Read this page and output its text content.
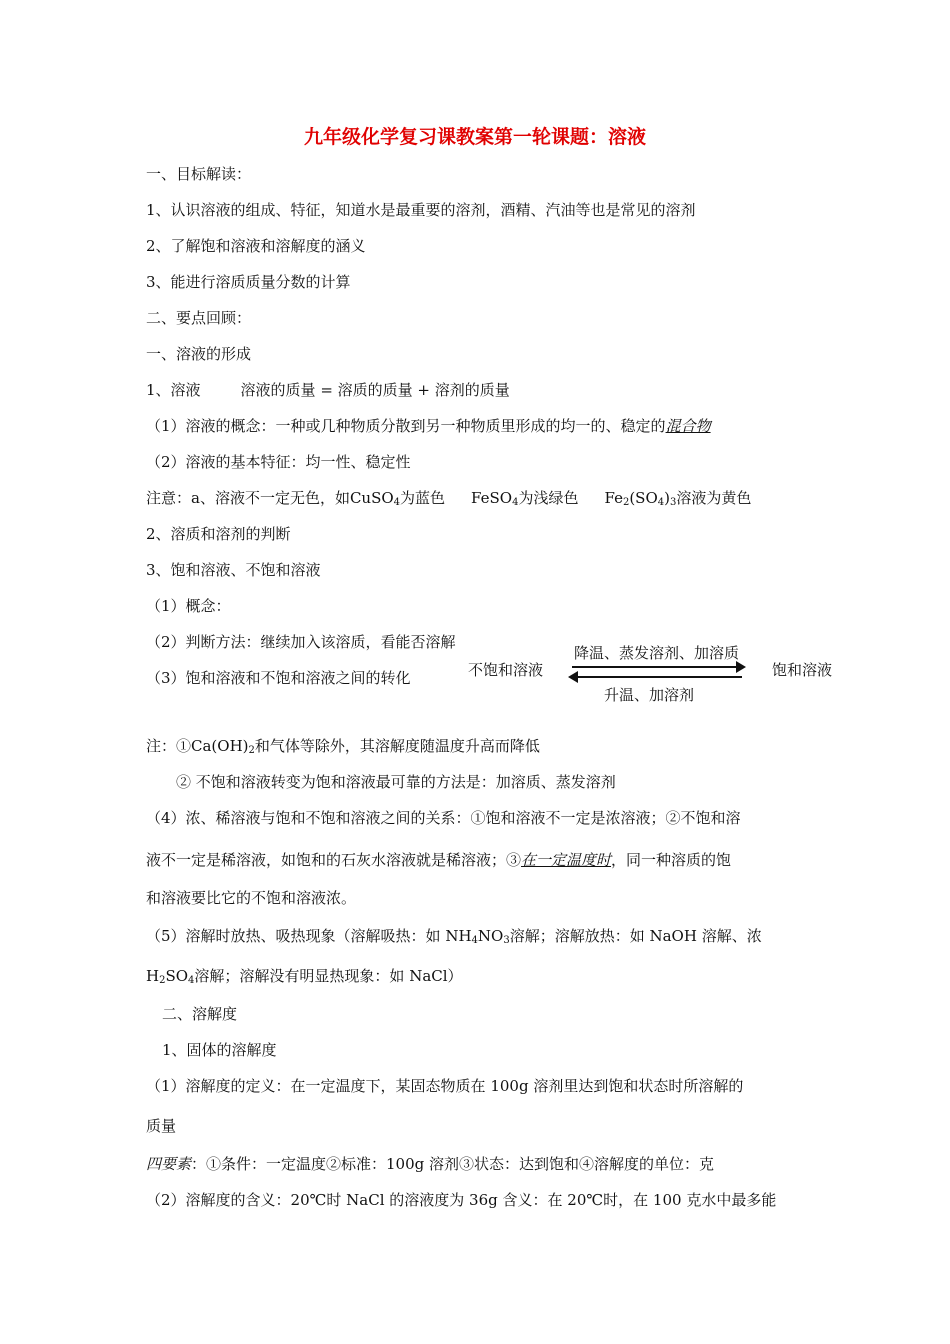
九年级化学复习课教案第一轮课题：溶液
一、目标解读：
1、认识溶液的组成、特征，知道水是最重要的溶剂，酒精、汽油等也是常见的溶剂
2、了解饱和溶液和溶解度的涵义
3、能进行溶质质量分数的计算
二、要点回顾：
一、溶液的形成
1、溶液	溶液的质量 = 溶质的质量 + 溶剂的质量
（1）溶液的概念：一种或几种物质分散到另一种物质里形成的均一的、稳定的混合物
（2）溶液的基本特征：均一性、稳定性
注意：a、溶液不一定无色，如CuSO$_4$为蓝色 FeSO$_4$为浅绿色 $Fe_2(SO_4)_3$溶液为黄色
2、溶质和溶剂的判断
3、饱和溶液、不饱和溶液
（1）概念：
（2）判断方法：继续加入该溶质，看能否溶解
（3）饱和溶液和不饱和溶液之间的转化	不饱和溶液
降温、蒸发溶剂、加溶质
升温、加溶剂
饱和溶液
注：$①Ca(OH)_2$和气体等除外，其溶解度随温度升高而降低
② 不饱和溶液转变为饱和溶液最可靠的方法是：加溶质、蒸发溶剂
（4）浓、稀溶液与饱和不饱和溶液之间的关系：①饱和溶液不一定是浓溶液；②不饱和溶
液不一定是稀溶液，如饱和的石灰水溶液就是稀溶液；③在一定温度时，同一种溶质的饱
和溶液要比它的不饱和溶液浓。
（5）溶解时放热、吸热现象（溶解吸热：如 $NH_4NO_3$溶解；溶解放热：如 NaOH 溶解、浓
$H_2SO_4$溶解；溶解没有明显热现象：如 NaCl）
二、溶解度
1、固体的溶解度
（1）溶解度的定义：在一定温度下，某固态物质在 100g 溶剂里达到饱和状态时所溶解的
质量
四要素：①条件：一定温度②标准：100g 溶剂③状态：达到饱和④溶解度的单位：克
（2）溶解度的含义：20℃时 NaCl 的溶液度为 36g 含义：在 20℃时，在 100 克水中最多能
